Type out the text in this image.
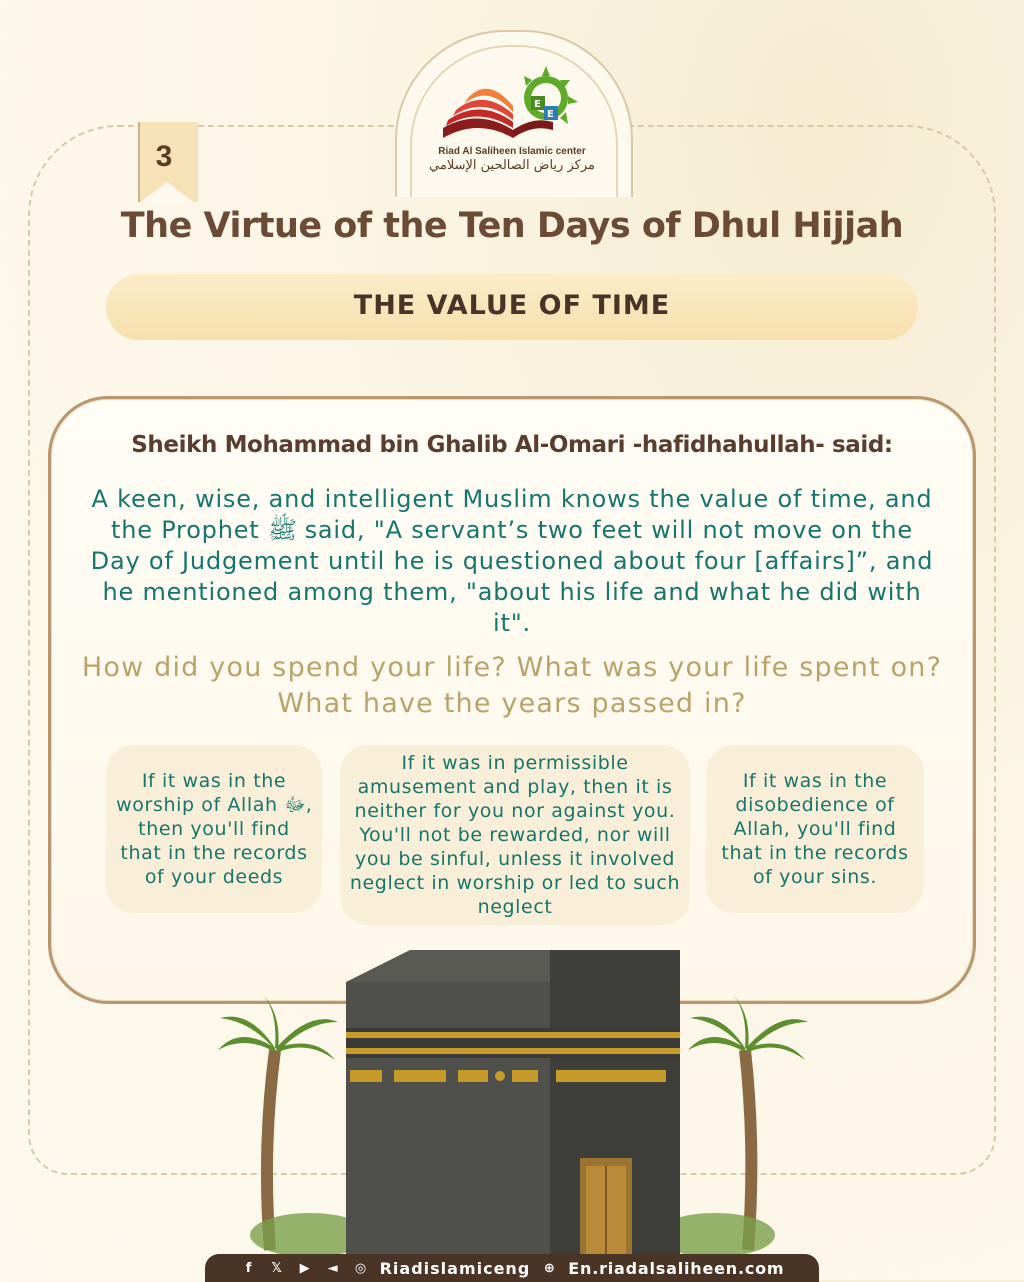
E
E
Riad Al Saliheen Islamic center
مركز رياض الصالحين الإسلامي
3
The Virtue of the Ten Days of Dhul Hijjah
THE VALUE OF TIME
Sheikh Mohammad bin Ghalib Al-Omari -hafidhahullah- said:
A keen, wise, and intelligent Muslim knows the value of time, and the Prophet ﷺ said, "A servant’s two feet will not move on the Day of Judgement until he is questioned about four [affairs]”, and he mentioned among them, "about his life and what he did with it".
How did you spend your life? What was your life spent on? What have the years passed in?
If it was in the worship of Allah ﷻ, then you'll find that in the records of your deeds
If it was in permissible amusement and play, then it is neither for you nor against you. You'll not be rewarded, nor will you be sinful, unless it involved neglect in worship or led to such neglect
If it was in the disobedience of Allah, you'll find that in the records of your sins.
f	𝕏	▶	◄	◎ Riadislamiceng ⊕ En.riadalsaliheen.com
